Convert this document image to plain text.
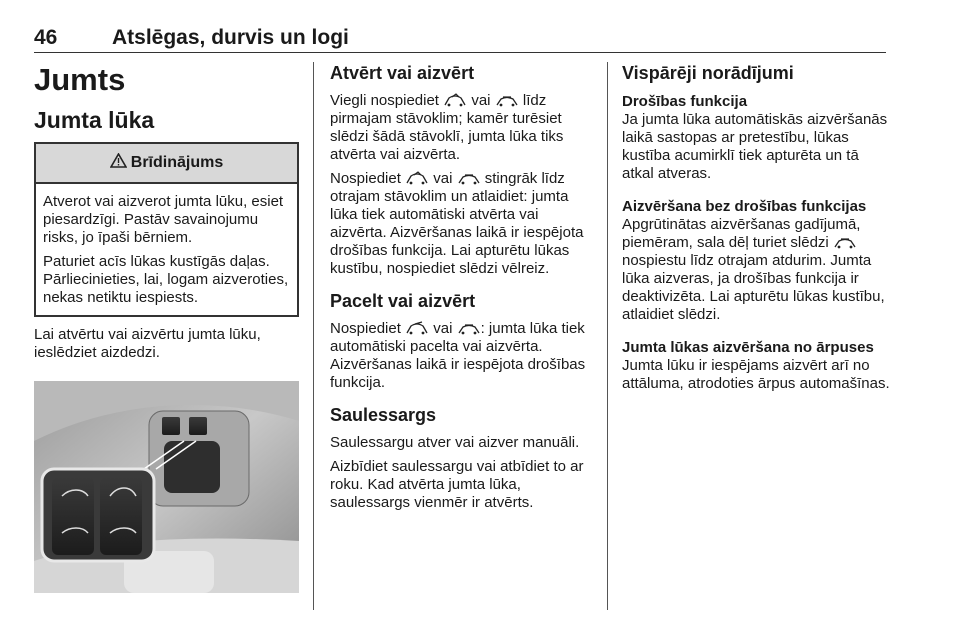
46	Atslēgas, durvis un logi
Jumts
Jumta lūka
Brīdinājums

Atverot vai aizverot jumta lūku, esiet piesardzīgi. Pastāv savainojumu risks, jo īpaši bērniem.

Paturiet acīs lūkas kustīgās daļas. Pārliecinieties, lai, logam aizveroties, nekas netiktu iespiests.

Lai atvērtu vai aizvērtu jumta lūku, ieslēdziet aizdedzi.

Atvērt vai aizvērt

Viegli nospiediet vai līdz pirmajam stāvoklim; kamēr turēsiet slēdzi šādā stāvoklī, jumta lūka tiks atvērta vai aizvērta.

Nospiediet vai stingrāk līdz otrajam stāvoklim un atlaidiet: jumta lūka tiek automātiski atvērta vai aizvērta. Aizvēršanas laikā ir iespējota drošības funkcija. Lai apturētu lūkas kustību, nospiediet slēdzi vēlreiz.

Pacelt vai aizvērt

Nospiediet vai : jumta lūka tiek automātiski pacelta vai aizvērta. Aizvēršanas laikā ir iespējota drošības funkcija.

Saulessargs

Saulessargu atver vai aizver manuāli.

Aizbīdiet saulessargu vai atbīdiet to ar roku. Kad atvērta jumta lūka, saulessargs vienmēr ir atvērts.

Vispārēji norādījumi
Drošības funkcija

Ja jumta lūka automātiskās aizvēršanās laikā sastopas ar pretestību, lūkas kustība acumirklī tiek apturēta un tā atkal atveras.

Aizvēršana bez drošības funkcijas

Apgrūtinātas aizvēršanas gadījumā, piemēram, sala dēļ turiet slēdzi  nospiestu līdz otrajam atdurim. Jumta lūka aizveras, ja drošības funkcija ir deaktivizēta. Lai apturētu lūkas kustību, atlaidiet slēdzi.

Jumta lūkas aizvēršana no ārpuses

Jumta lūku ir iespējams aizvērt arī no attāluma, atrodoties ārpus automašīnas.
